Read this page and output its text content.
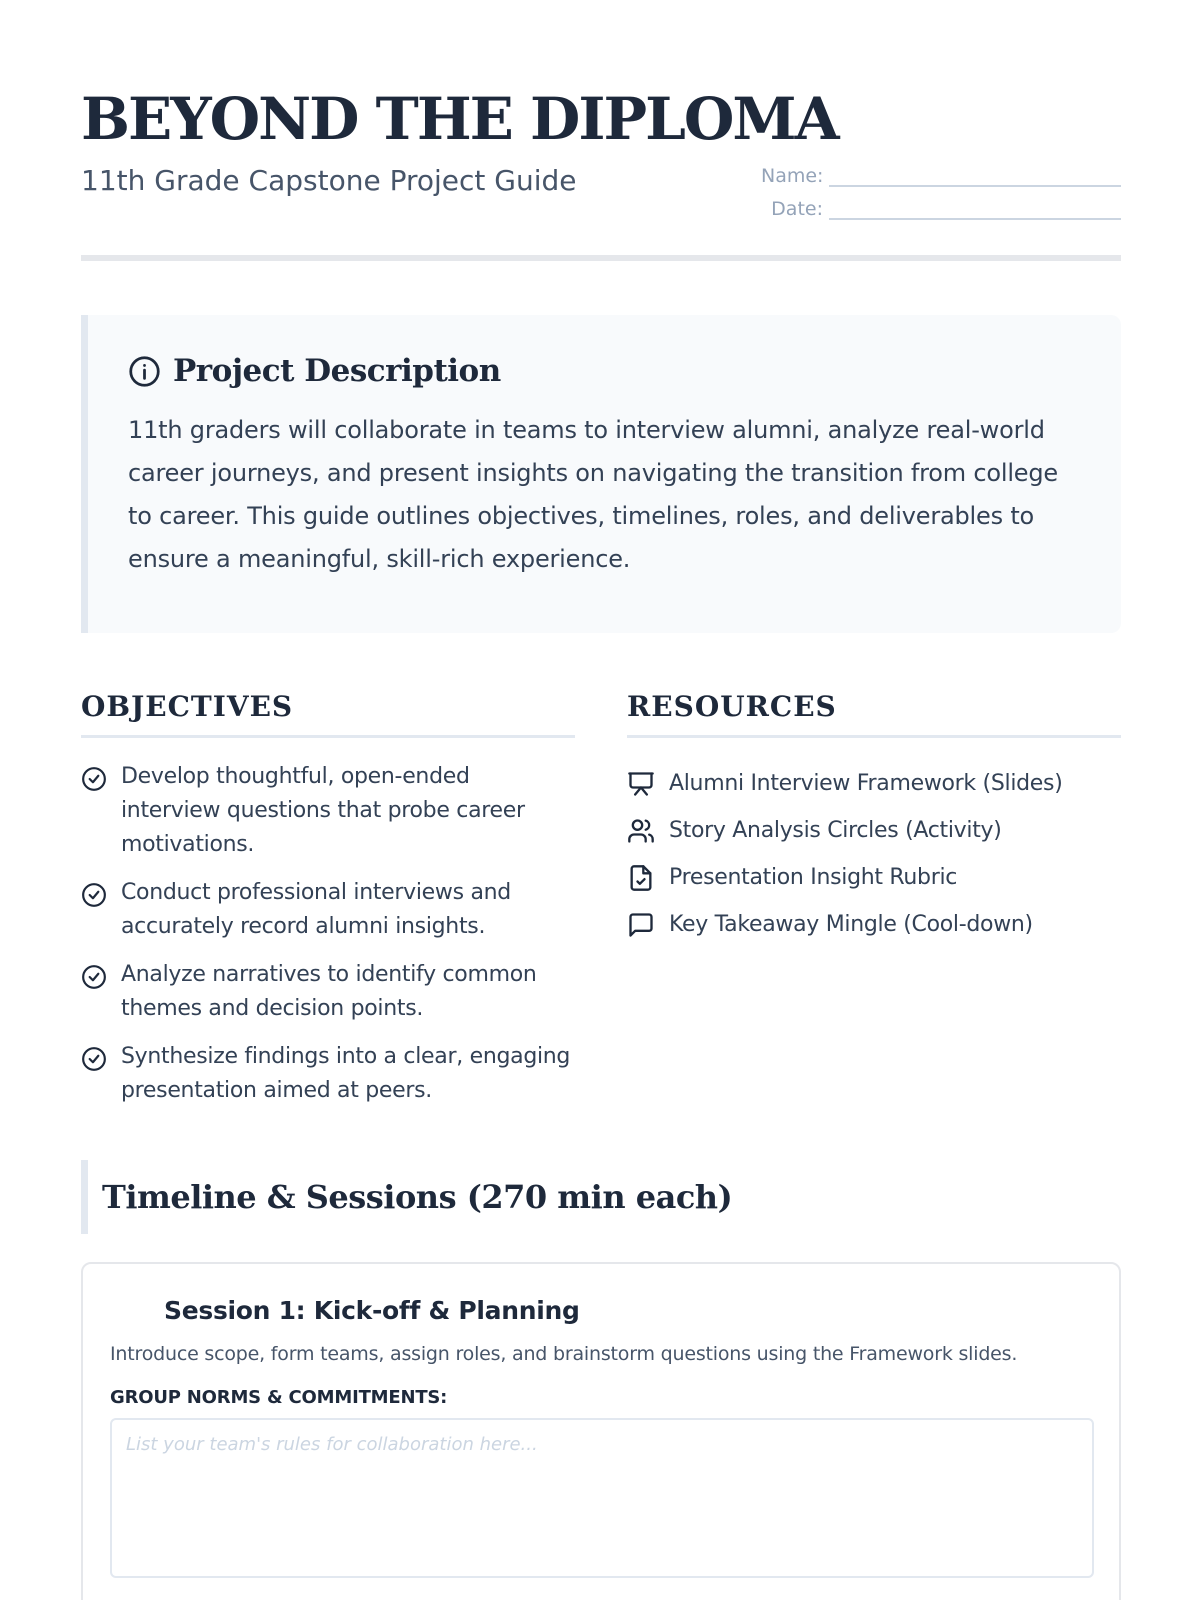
BEYOND THE DIPLOMA
11th Grade Capstone Project Guide	Name:
Date:
Project Description

11th graders will collaborate in teams to interview alumni, analyze real-world career journeys, and present insights on navigating the transition from college to career. This guide outlines objectives, timelines, roles, and deliverables to ensure a meaningful, skill-rich experience.

OBJECTIVES
Develop thoughtful, open-ended interview questions that probe career motivations.
Conduct professional interviews and accurately record alumni insights.
Analyze narratives to identify common themes and decision points.
Synthesize findings into a clear, engaging presentation aimed at peers.
RESOURCES
Alumni Interview Framework (Slides)
Story Analysis Circles (Activity)
Presentation Insight Rubric
Key Takeaway Mingle (Cool-down)
Timeline & Sessions (270 min each)
Session 1: Kick-off & Planning
Introduce scope, form teams, assign roles, and brainstorm questions using the Framework slides.
GROUP NORMS & COMMITMENTS:
List your team's rules for collaboration here...
